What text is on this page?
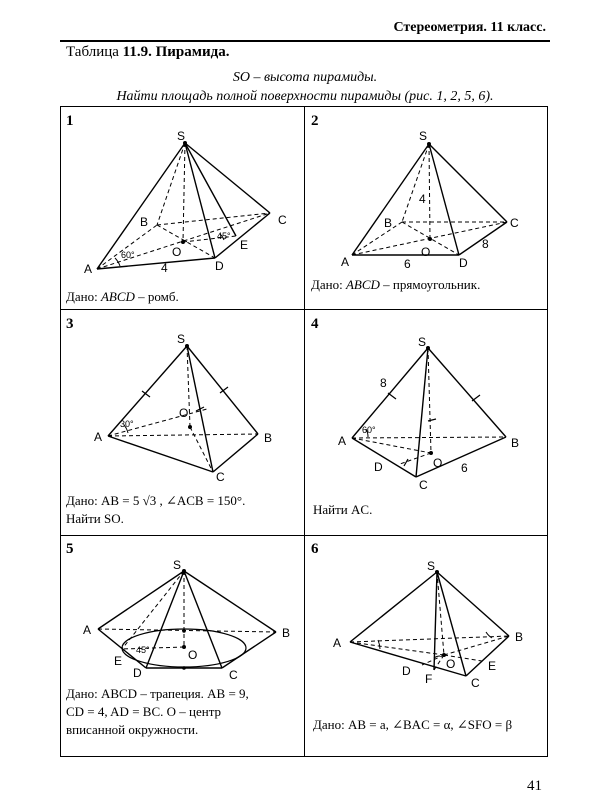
Стереометрия. 11 класс.
Таблица 11.9. Пирамида.
SO – высота пирамиды.
Найти площадь полной поверхности пирамиды (рис. 1, 2, 5, 6).
1
S
A
B	C
D
O	E
4
60°
45°
Дано: ABCD – ромб.
2
S
A
B	C
D
O
4
6
8
Дано: ABCD – прямоугольник.
3
S
A	B
C
O
30°
Дано: AB = 5 √3 , ∠ACB = 150°.
Найти SO.
4
S
A	B
C
D	O
8
6
60°
Найти AC.
5
S
A	B
C
D
E	O
45°
Дано: ABCD – трапеция. AB = 9,
CD = 4, AD = BC. O – центр
вписанной окружности.
6
S
A	B
C
D	E
F
O
Дано: AB = a, ∠BAC = α, ∠SFO = β
41
